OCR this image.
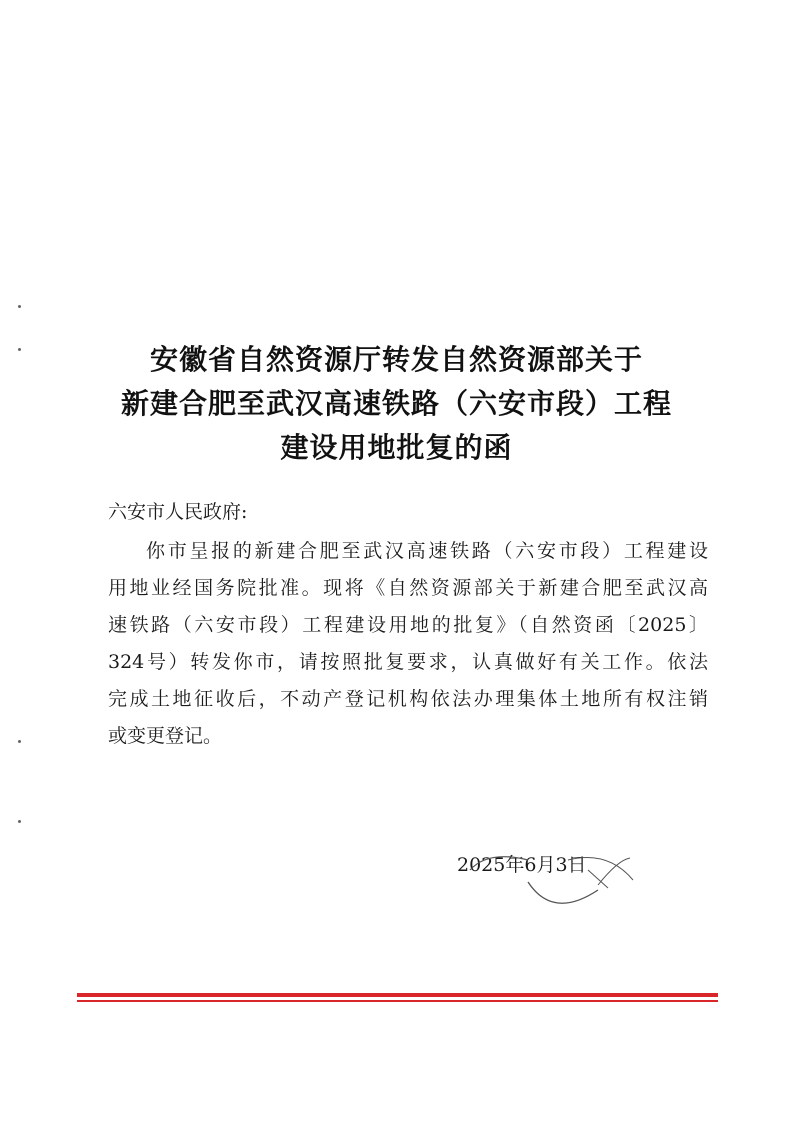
安徽省自然资源厅转发自然资源部关于
新建合肥至武汉高速铁路（六安市段）工程
建设用地批复的函
六安市人民政府:
你市呈报的新建合肥至武汉高速铁路（六安市段）工程建设
用地业经国务院批准。现将《自然资源部关于新建合肥至武汉高
速铁路（六安市段）工程建设用地的批复》（自然资函〔2025〕
324号）转发你市，请按照批复要求，认真做好有关工作。依法
完成土地征收后，不动产登记机构依法办理集体土地所有权注销
或变更登记。
2025年6月3日
